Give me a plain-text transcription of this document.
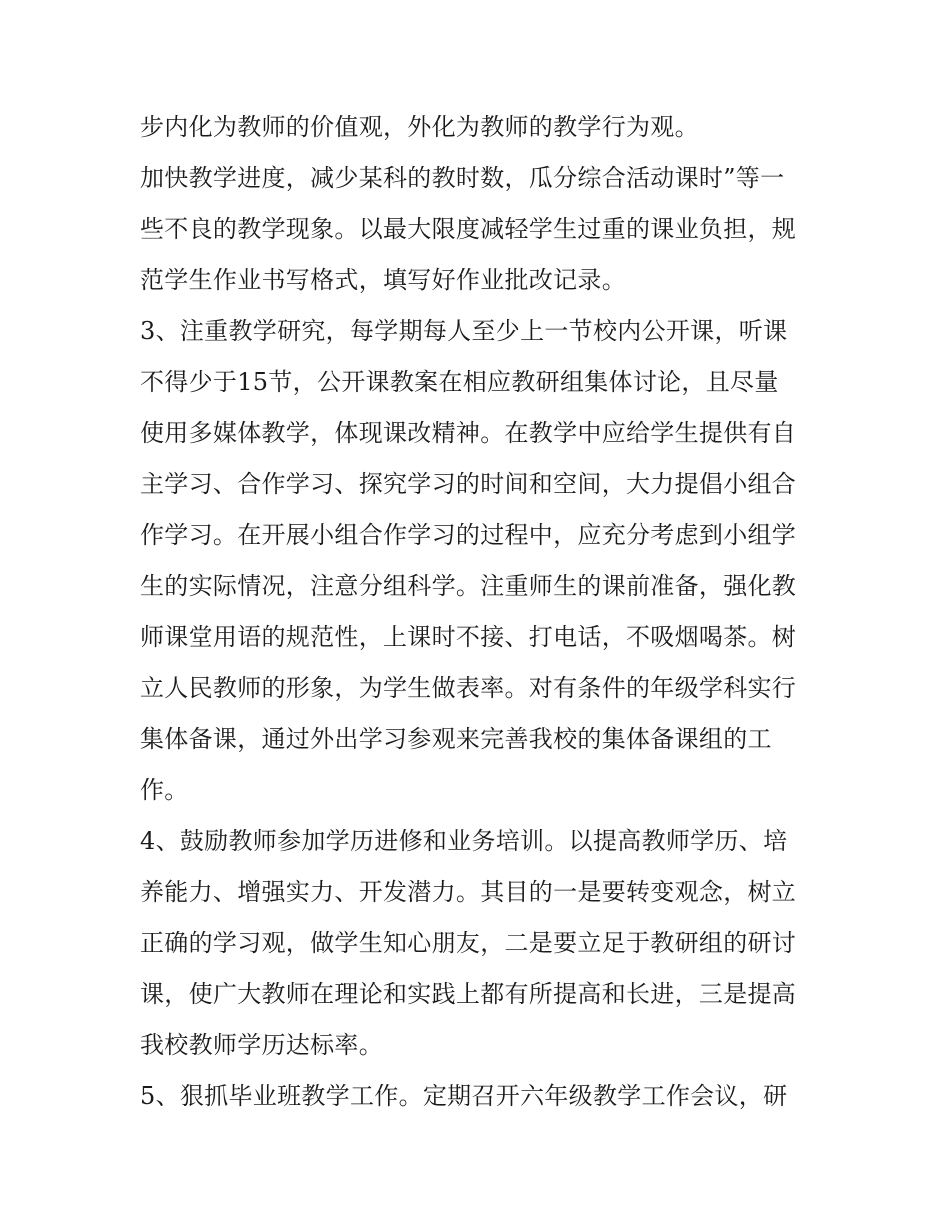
步内化为教师的价值观，外化为教师的教学行为观。
加快教学进度，减少某科的教时数，瓜分综合活动课时”等一
些不良的教学现象。以最大限度减轻学生过重的课业负担，规
范学生作业书写格式，填写好作业批改记录。
3、注重教学研究，每学期每人至少上一节校内公开课，听课
不得少于15节，公开课教案在相应教研组集体讨论，且尽量
使用多媒体教学，体现课改精神。在教学中应给学生提供有自
主学习、合作学习、探究学习的时间和空间，大力提倡小组合
作学习。在开展小组合作学习的过程中，应充分考虑到小组学
生的实际情况，注意分组科学。注重师生的课前准备，强化教
师课堂用语的规范性，上课时不接、打电话，不吸烟喝茶。树
立人民教师的形象，为学生做表率。对有条件的年级学科实行
集体备课，通过外出学习参观来完善我校的集体备课组的工
作。
4、鼓励教师参加学历进修和业务培训。以提高教师学历、培
养能力、增强实力、开发潜力。其目的一是要转变观念，树立
正确的学习观，做学生知心朋友，二是要立足于教研组的研讨
课，使广大教师在理论和实践上都有所提高和长进，三是提高
我校教师学历达标率。
5、狠抓毕业班教学工作。定期召开六年级教学工作会议，研
